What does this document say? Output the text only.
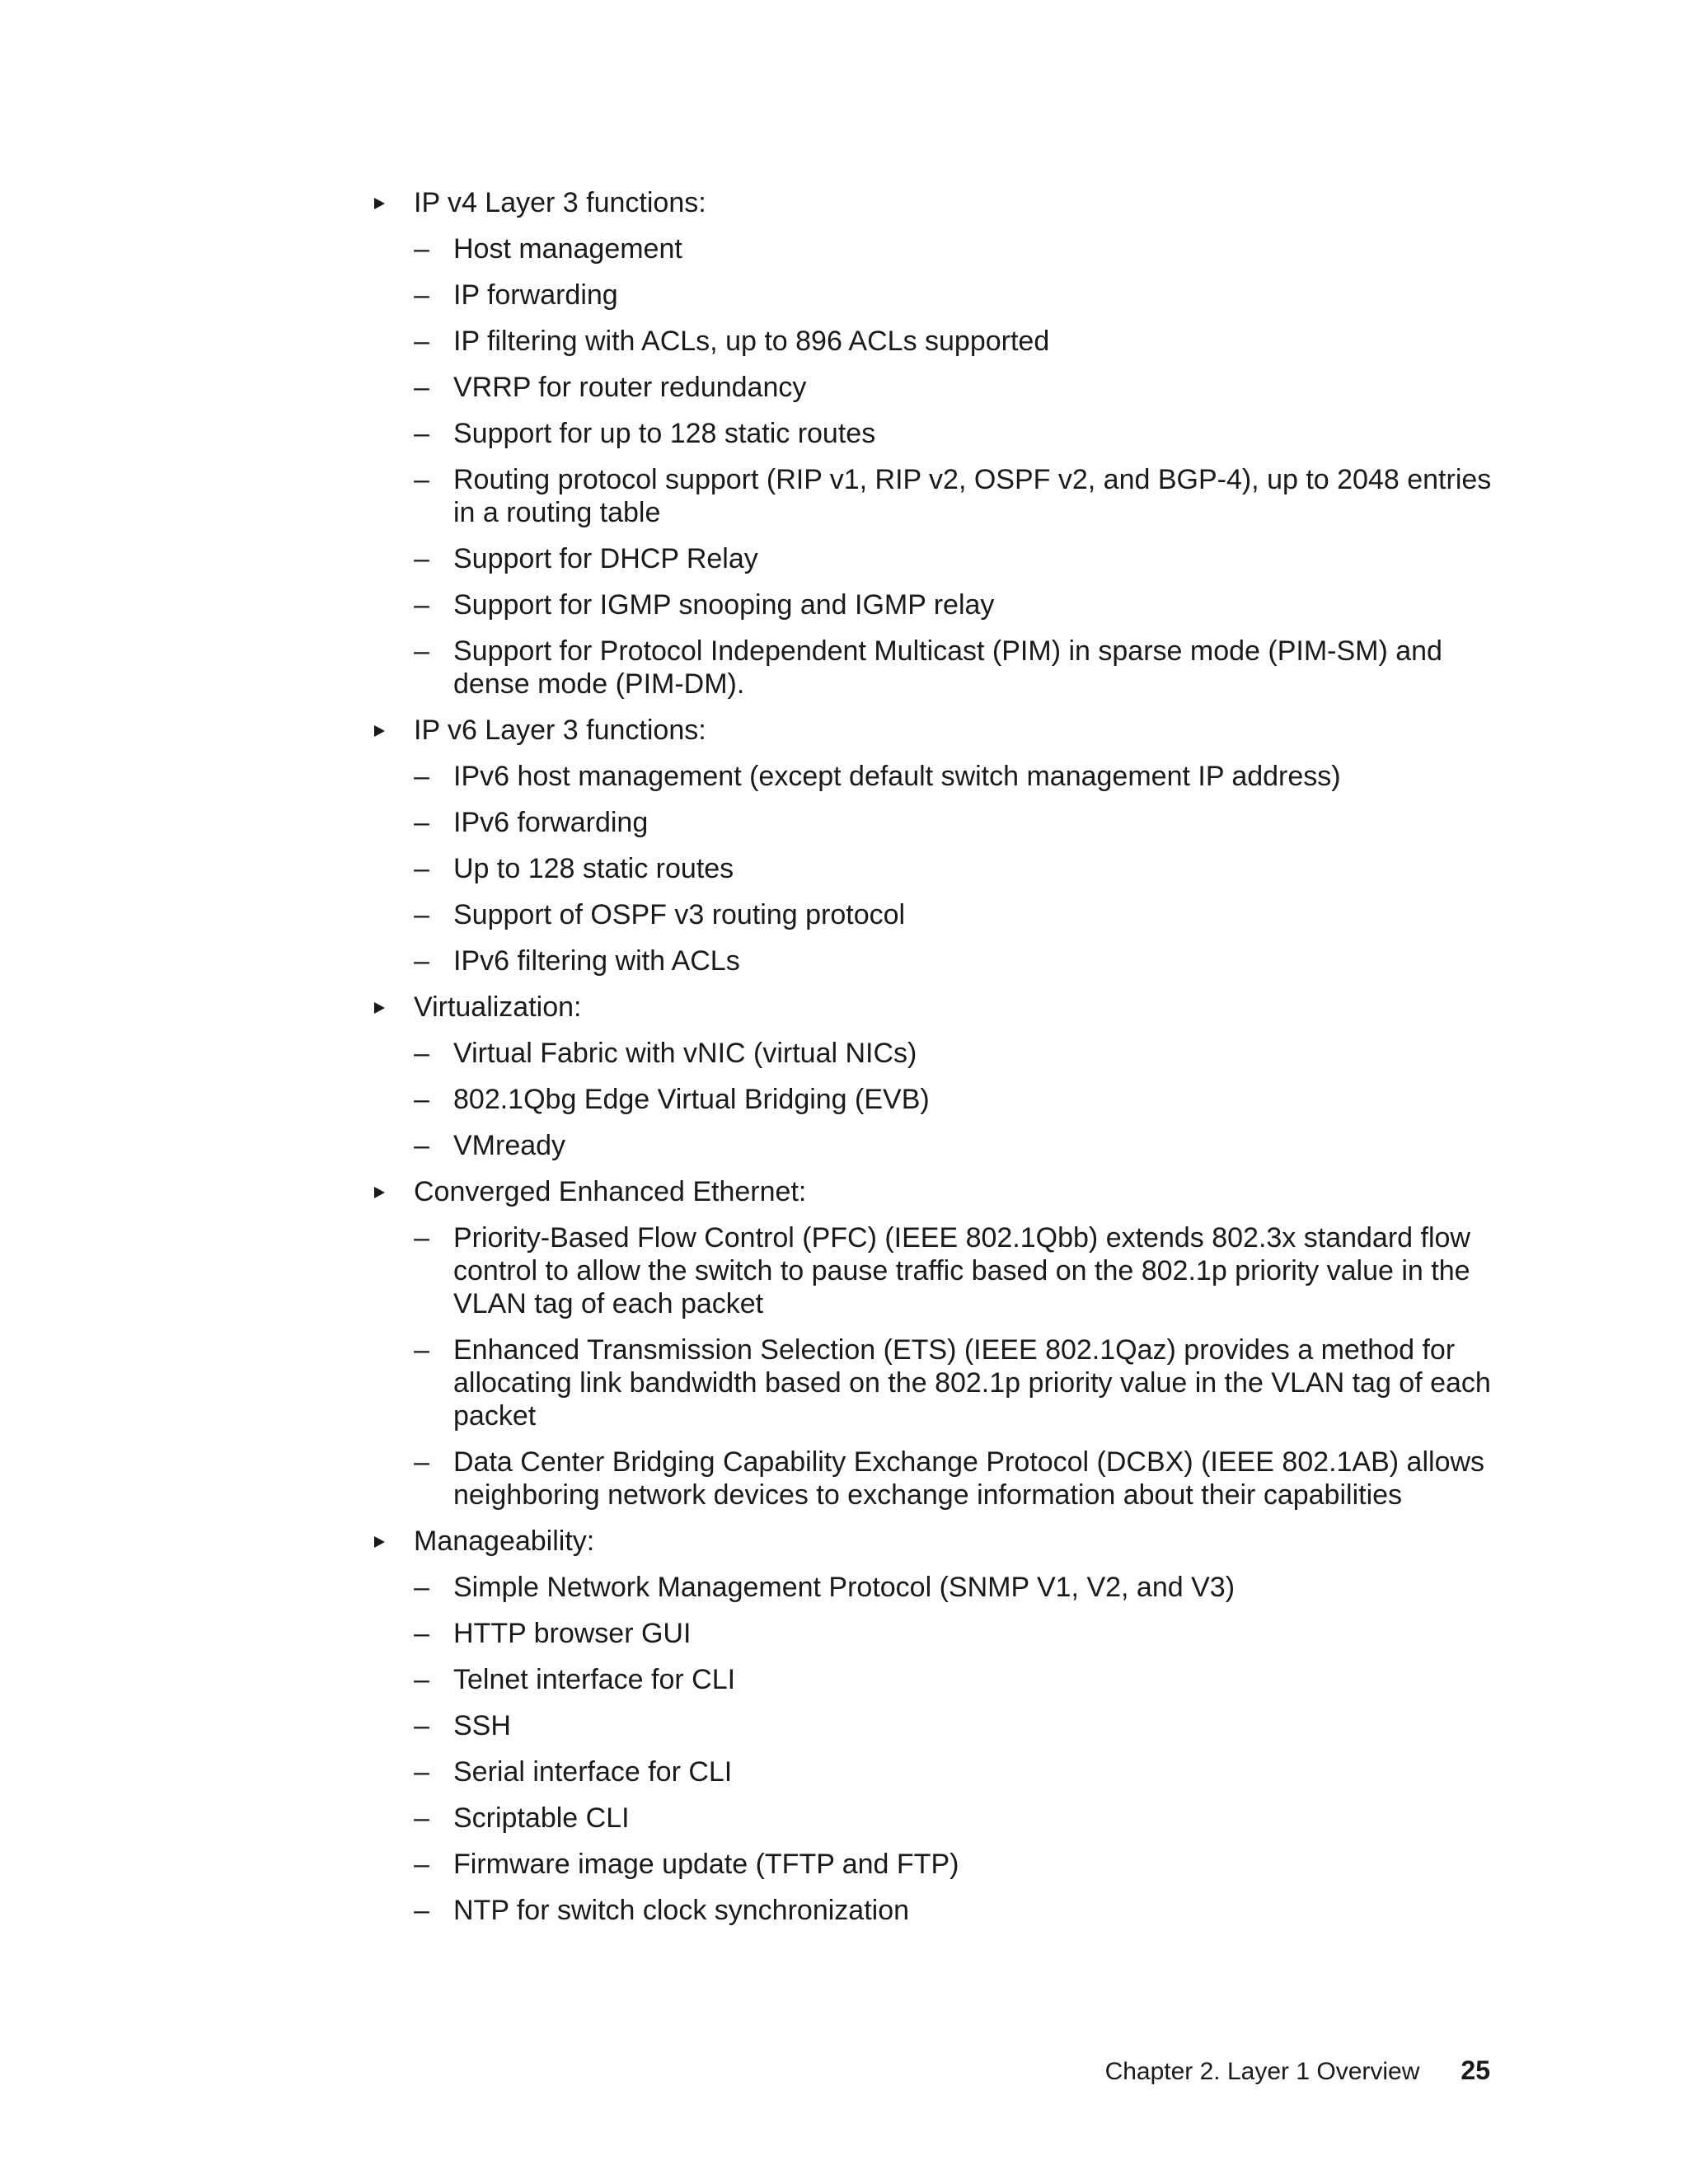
IP v4 Layer 3 functions:
– Host management
– IP forwarding
– IP filtering with ACLs, up to 896 ACLs supported
– VRRP for router redundancy
– Support for up to 128 static routes
– Routing protocol support (RIP v1, RIP v2, OSPF v2, and BGP-4), up to 2048 entries in a routing table
– Support for DHCP Relay
– Support for IGMP snooping and IGMP relay
– Support for Protocol Independent Multicast (PIM) in sparse mode (PIM-SM) and dense mode (PIM-DM).
IP v6 Layer 3 functions:
– IPv6 host management (except default switch management IP address)
– IPv6 forwarding
– Up to 128 static routes
– Support of OSPF v3 routing protocol
– IPv6 filtering with ACLs
Virtualization:
– Virtual Fabric with vNIC (virtual NICs)
– 802.1Qbg Edge Virtual Bridging (EVB)
– VMready
Converged Enhanced Ethernet:
– Priority-Based Flow Control (PFC) (IEEE 802.1Qbb) extends 802.3x standard flow control to allow the switch to pause traffic based on the 802.1p priority value in the VLAN tag of each packet
– Enhanced Transmission Selection (ETS) (IEEE 802.1Qaz) provides a method for allocating link bandwidth based on the 802.1p priority value in the VLAN tag of each packet
– Data Center Bridging Capability Exchange Protocol (DCBX) (IEEE 802.1AB) allows neighboring network devices to exchange information about their capabilities
Manageability:
– Simple Network Management Protocol (SNMP V1, V2, and V3)
– HTTP browser GUI
– Telnet interface for CLI
– SSH
– Serial interface for CLI
– Scriptable CLI
– Firmware image update (TFTP and FTP)
– NTP for switch clock synchronization
Chapter 2. Layer 1 Overview 25
